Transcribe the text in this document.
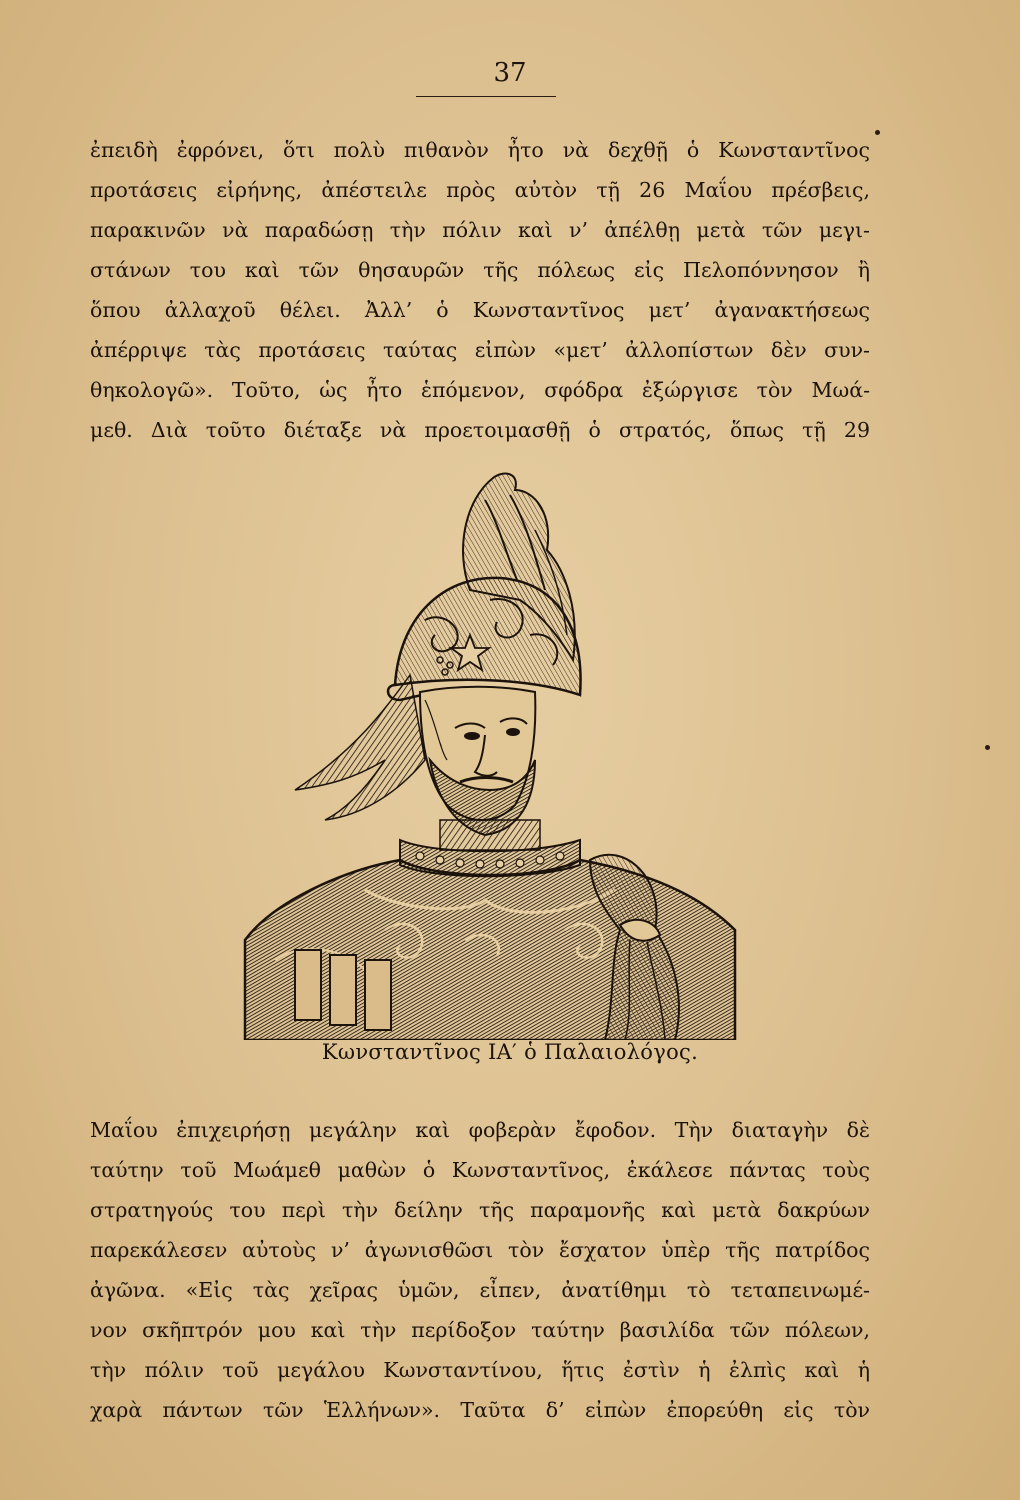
37
ἐπειδὴ ἐφρόνει, ὅτι πολὺ πιθανὸν ἦτο νὰ δεχθῇ ὁ Κωνσταντῖνος
προτάσεις εἰρήνης, ἀπέστειλε πρὸς αὐτὸν τῇ 26 Μαΐου πρέσβεις,
παρακινῶν νὰ παραδώσῃ τὴν πόλιν καὶ ν’ ἀπέλθῃ μετὰ τῶν μεγι-
στάνων του καὶ τῶν θησαυρῶν τῆς πόλεως εἰς Πελοπόννησον ἢ
ὅπου ἀλλαχοῦ θέλει. Ἀλλ’ ὁ Κωνσταντῖνος μετ’ ἀγανακτήσεως
ἀπέρριψε τὰς προτάσεις ταύτας εἰπὼν «μετ’ ἀλλοπίστων δὲν συν-
θηκολογῶ». Τοῦτο, ὡς ἦτο ἑπόμενον, σφόδρα ἐξώργισε τὸν Μωά-
μεθ. Διὰ τοῦτο διέταξε νὰ προετοιμασθῇ ὁ στρατός, ὅπως τῇ 29
Κωνσταντῖνος ΙΑ′ ὁ Παλαιολόγος.
Μαΐου ἐπιχειρήσῃ μεγάλην καὶ φοβερὰν ἔφοδον. Τὴν διαταγὴν δὲ
ταύτην τοῦ Μωάμεθ μαθὼν ὁ Κωνσταντῖνος, ἐκάλεσε πάντας τοὺς
στρατηγούς του περὶ τὴν δείλην τῆς παραμονῆς καὶ μετὰ δακρύων
παρεκάλεσεν αὐτοὺς ν’ ἀγωνισθῶσι τὸν ἔσχατον ὑπὲρ τῆς πατρίδος
ἀγῶνα. «Εἰς τὰς χεῖρας ὑμῶν, εἶπεν, ἀνατίθημι τὸ τεταπεινωμέ-
νον σκῆπτρόν μου καὶ τὴν περίδοξον ταύτην βασιλίδα τῶν πόλεων,
τὴν πόλιν τοῦ μεγάλου Κωνσταντίνου, ἥτις ἐστὶν ἡ ἐλπὶς καὶ ἡ
χαρὰ πάντων τῶν Ἑλλήνων». Ταῦτα δ’ εἰπὼν ἐπορεύθη εἰς τὸν
